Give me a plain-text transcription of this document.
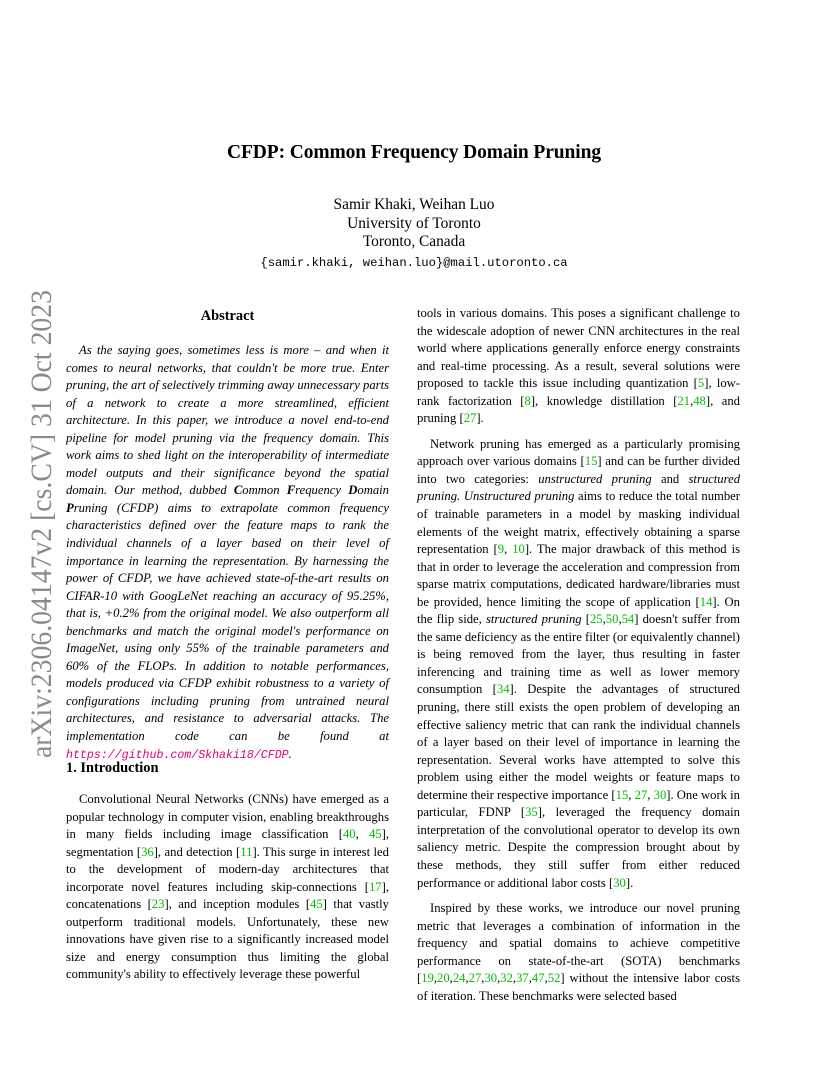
arXiv:2306.04147v2 [cs.CV] 31 Oct 2023
CFDP: Common Frequency Domain Pruning
Samir Khaki, Weihan Luo
University of Toronto
Toronto, Canada
{samir.khaki, weihan.luo}@mail.utoronto.ca
Abstract

As the saying goes, sometimes less is more – and when it comes to neural networks, that couldn't be more true. Enter pruning, the art of selectively trimming away unnecessary parts of a network to create a more streamlined, efficient architecture. In this paper, we introduce a novel end-to-end pipeline for model pruning via the frequency domain. This work aims to shed light on the interoperability of intermediate model outputs and their significance beyond the spatial domain. Our method, dubbed Common Frequency Domain Pruning (CFDP) aims to extrapolate common frequency characteristics defined over the feature maps to rank the individual channels of a layer based on their level of importance in learning the representation. By harnessing the power of CFDP, we have achieved state-of-the-art results on CIFAR-10 with GoogLeNet reaching an accuracy of 95.25%, that is, +0.2% from the original model. We also outperform all benchmarks and match the original model's performance on ImageNet, using only 55% of the trainable parameters and 60% of the FLOPs. In addition to notable performances, models produced via CFDP exhibit robustness to a variety of configurations including pruning from untrained neural architectures, and resistance to adversarial attacks. The implementation code can be found at https://github.com/Skhaki18/CFDP.

1. Introduction

Convolutional Neural Networks (CNNs) have emerged as a popular technology in computer vision, enabling breakthroughs in many fields including image classification [40, 45], segmentation [36], and detection [11]. This surge in interest led to the development of modern-day architectures that incorporate novel features including skip-connections [17], concatenations [23], and inception modules [45] that vastly outperform traditional models. Unfortunately, these new innovations have given rise to a significantly increased model size and energy consumption thus limiting the global community's ability to effectively leverage these powerful

tools in various domains. This poses a significant challenge to the widescale adoption of newer CNN architectures in the real world where applications generally enforce energy constraints and real-time processing. As a result, several solutions were proposed to tackle this issue including quantization [5], low-rank factorization [8], knowledge distillation [21,48], and pruning [27].

Network pruning has emerged as a particularly promising approach over various domains [15] and can be further divided into two categories: unstructured pruning and structured pruning. Unstructured pruning aims to reduce the total number of trainable parameters in a model by masking individual elements of the weight matrix, effectively obtaining a sparse representation [9, 10]. The major drawback of this method is that in order to leverage the acceleration and compression from sparse matrix computations, dedicated hardware/libraries must be provided, hence limiting the scope of application [14]. On the flip side, structured pruning [25,50,54] doesn't suffer from the same deficiency as the entire filter (or equivalently channel) is being removed from the layer, thus resulting in faster inferencing and training time as well as lower memory consumption [34]. Despite the advantages of structured pruning, there still exists the open problem of developing an effective saliency metric that can rank the individual channels of a layer based on their level of importance in learning the representation. Several works have attempted to solve this problem using either the model weights or feature maps to determine their respective importance [15, 27, 30]. One work in particular, FDNP [35], leveraged the frequency domain interpretation of the convolutional operator to develop its own saliency metric. Despite the compression brought about by these methods, they still suffer from either reduced performance or additional labor costs [30].

Inspired by these works, we introduce our novel pruning metric that leverages a combination of information in the frequency and spatial domains to achieve competitive performance on state-of-the-art (SOTA) benchmarks [19,20,24,27,30,32,37,47,52] without the intensive labor costs of iteration. These benchmarks were selected based
